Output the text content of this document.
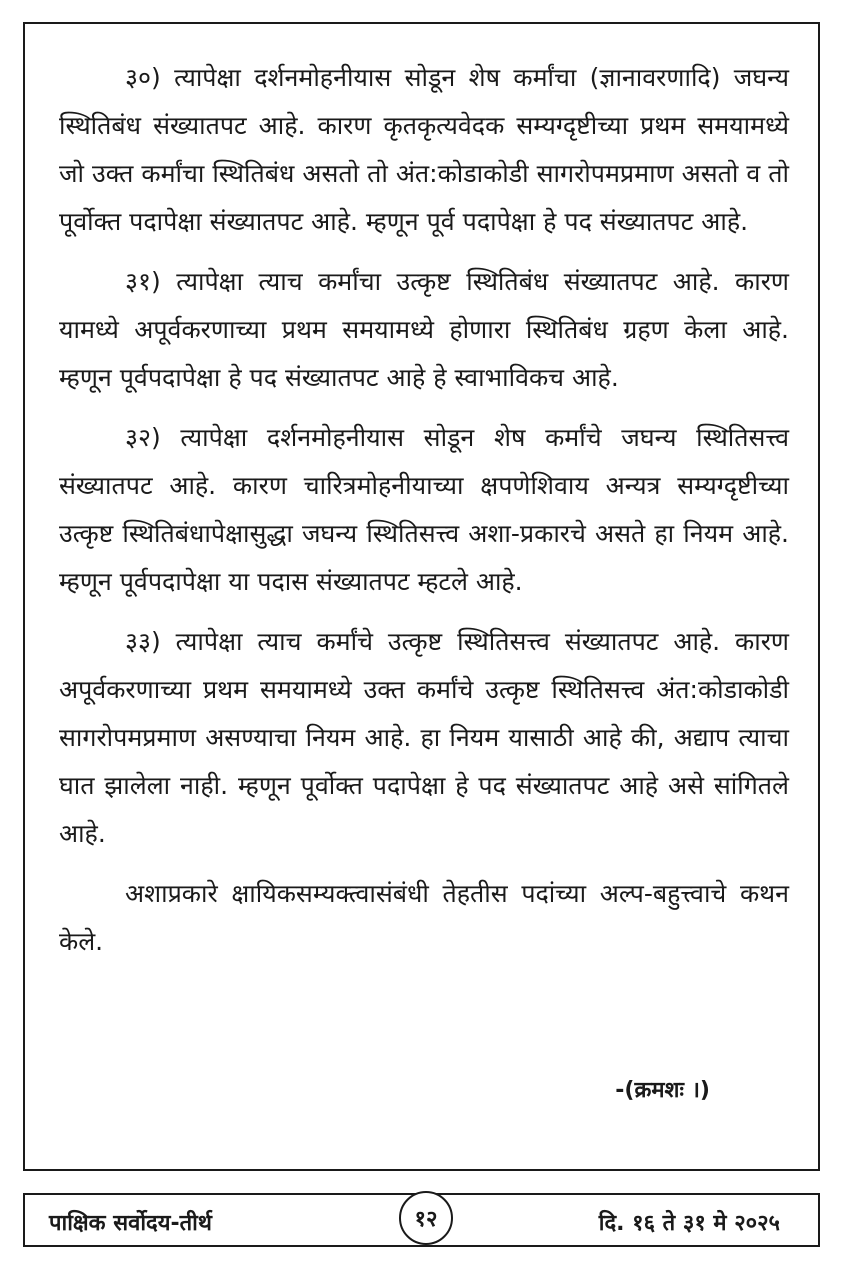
३०) त्यापेक्षा दर्शनमोहनीयास सोडून शेष कर्मांचा (ज्ञानावरणादि) जघन्य स्थितिबंध संख्यातपट आहे. कारण कृतकृत्यवेदक सम्यग्दृष्टीच्या प्रथम समयामध्ये जो उक्त कर्मांचा स्थितिबंध असतो तो अंत:कोडाकोडी सागरोपमप्रमाण असतो व तो पूर्वोक्त पदापेक्षा संख्यातपट आहे. म्हणून पूर्व पदापेक्षा हे पद संख्यातपट आहे.

३१) त्यापेक्षा त्याच कर्मांचा उत्कृष्ट स्थितिबंध संख्यातपट आहे. कारण यामध्ये अपूर्वकरणाच्या प्रथम समयामध्ये होणारा स्थितिबंध ग्रहण केला आहे. म्हणून पूर्वपदापेक्षा हे पद संख्यातपट आहे हे स्वाभाविकच आहे.

३२) त्यापेक्षा दर्शनमोहनीयास सोडून शेष कर्मांचे जघन्य स्थितिसत्त्व संख्यातपट आहे. कारण चारित्रमोहनीयाच्या क्षपणेशिवाय अन्यत्र सम्यग्दृष्टीच्या उत्कृष्ट स्थितिबंधापेक्षासुद्धा जघन्य स्थितिसत्त्व अशा-प्रकारचे असते हा नियम आहे. म्हणून पूर्वपदापेक्षा या पदास संख्यातपट म्हटले आहे.

३३) त्यापेक्षा त्याच कर्मांचे उत्कृष्ट स्थितिसत्त्व संख्यातपट आहे. कारण अपूर्वकरणाच्या प्रथम समयामध्ये उक्त कर्मांचे उत्कृष्ट स्थितिसत्त्व अंत:कोडाकोडी सागरोपमप्रमाण असण्याचा नियम आहे. हा नियम यासाठी आहे की, अद्याप त्याचा घात झालेला नाही. म्हणून पूर्वोक्त पदापेक्षा हे पद संख्यातपट आहे असे सांगितले आहे.

अशाप्रकारे क्षायिकसम्यक्त्वासंबंधी तेहतीस पदांच्या अल्प-बहुत्त्वाचे कथन केले.

-(क्रमशः ।)

पाक्षिक सर्वोदय-तीर्थ	१२	दि. १६ ते ३१ मे २०२५
